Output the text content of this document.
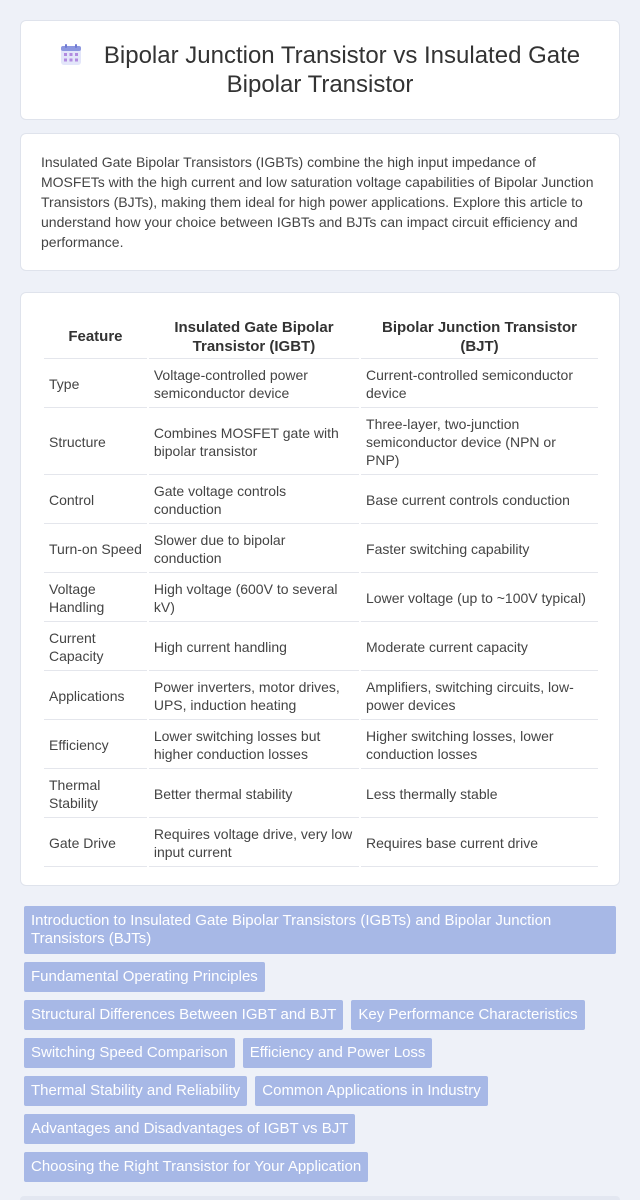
Bipolar Junction Transistor vs Insulated Gate Bipolar Transistor

Insulated Gate Bipolar Transistors (IGBTs) combine the high input impedance of MOSFETs with the high current and low saturation voltage capabilities of Bipolar Junction Transistors (BJTs), making them ideal for high power applications. Explore this article to understand how your choice between IGBTs and BJTs can impact circuit efficiency and performance.

Feature	Insulated Gate Bipolar Transistor (IGBT)	Bipolar Junction Transistor (BJT)
Type	Voltage-controlled power semiconductor device	Current-controlled semiconductor device
Structure	Combines MOSFET gate with bipolar transistor	Three-layer, two-junction semiconductor device (NPN or PNP)
Control	Gate voltage controls conduction	Base current controls conduction
Turn-on Speed	Slower due to bipolar conduction	Faster switching capability
Voltage Handling	High voltage (600V to several kV)	Lower voltage (up to ~100V typical)
Current Capacity	High current handling	Moderate current capacity
Applications	Power inverters, motor drives, UPS, induction heating	Amplifiers, switching circuits, low-power devices
Efficiency	Lower switching losses but higher conduction losses	Higher switching losses, lower conduction losses
Thermal Stability	Better thermal stability	Less thermally stable
Gate Drive	Requires voltage drive, very low input current	Requires base current drive
Introduction to Insulated Gate Bipolar Transistors (IGBTs) and Bipolar Junction Transistors (BJTs)
Fundamental Operating Principles
Structural Differences Between IGBT and BJT	Key Performance Characteristics
Switching Speed Comparison	Efficiency and Power Loss
Thermal Stability and Reliability	Common Applications in Industry
Advantages and Disadvantages of IGBT vs BJT
Choosing the Right Transistor for Your Application
